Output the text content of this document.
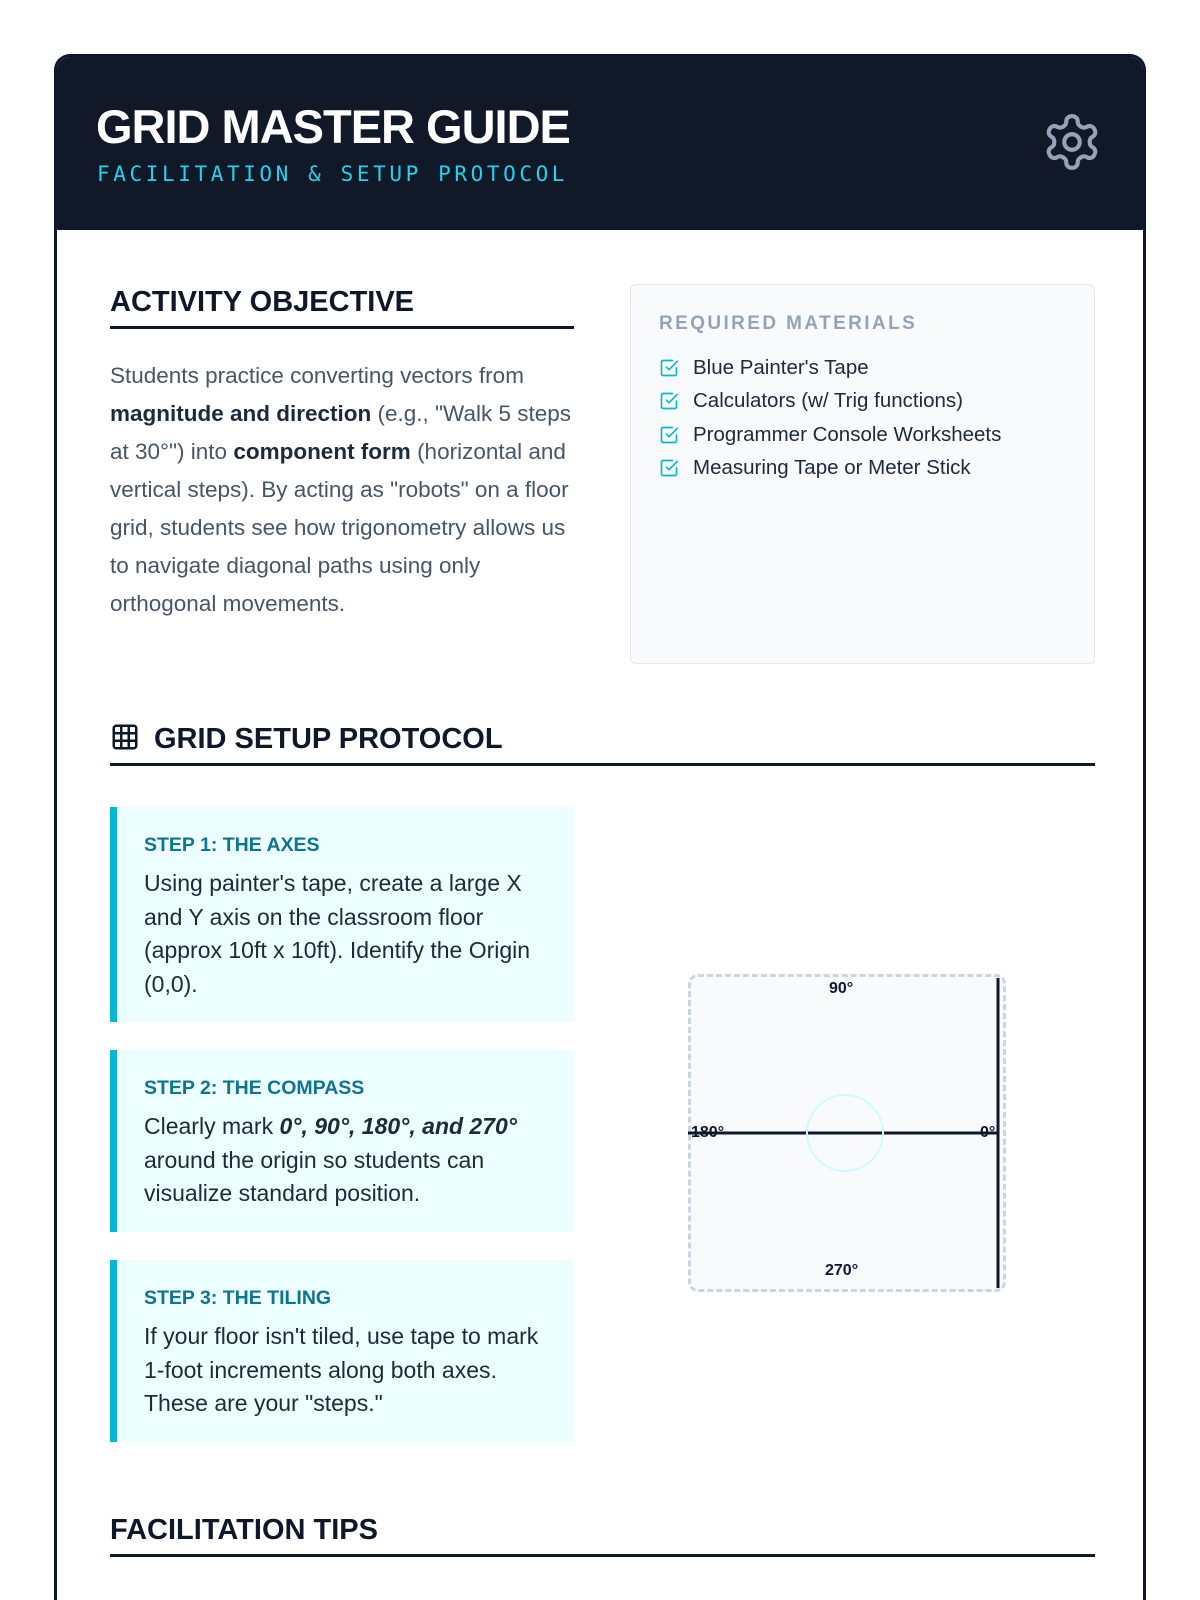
GRID MASTER GUIDE
FACILITATION & SETUP PROTOCOL
ACTIVITY OBJECTIVE

Students practice converting vectors from magnitude and direction (e.g., "Walk 5 steps at 30°") into component form (horizontal and vertical steps). By acting as "robots" on a floor grid, students see how trigonometry allows us to navigate diagonal paths using only orthogonal movements.

REQUIRED MATERIALS
Blue Painter's Tape
Calculators (w/ Trig functions)
Programmer Console Worksheets
Measuring Tape or Meter Stick
GRID SETUP PROTOCOL
STEP 1: THE AXES
Using painter's tape, create a large X and Y axis on the classroom floor (approx 10ft x 10ft). Identify the Origin (0,0).
STEP 2: THE COMPASS
Clearly mark 0°, 90°, 180°, and 270° around the origin so students can visualize standard position.
STEP 3: THE TILING
If your floor isn't tiled, use tape to mark 1-foot increments along both axes. These are your "steps."
90°
180°	0°
270°
FACILITATION TIPS
